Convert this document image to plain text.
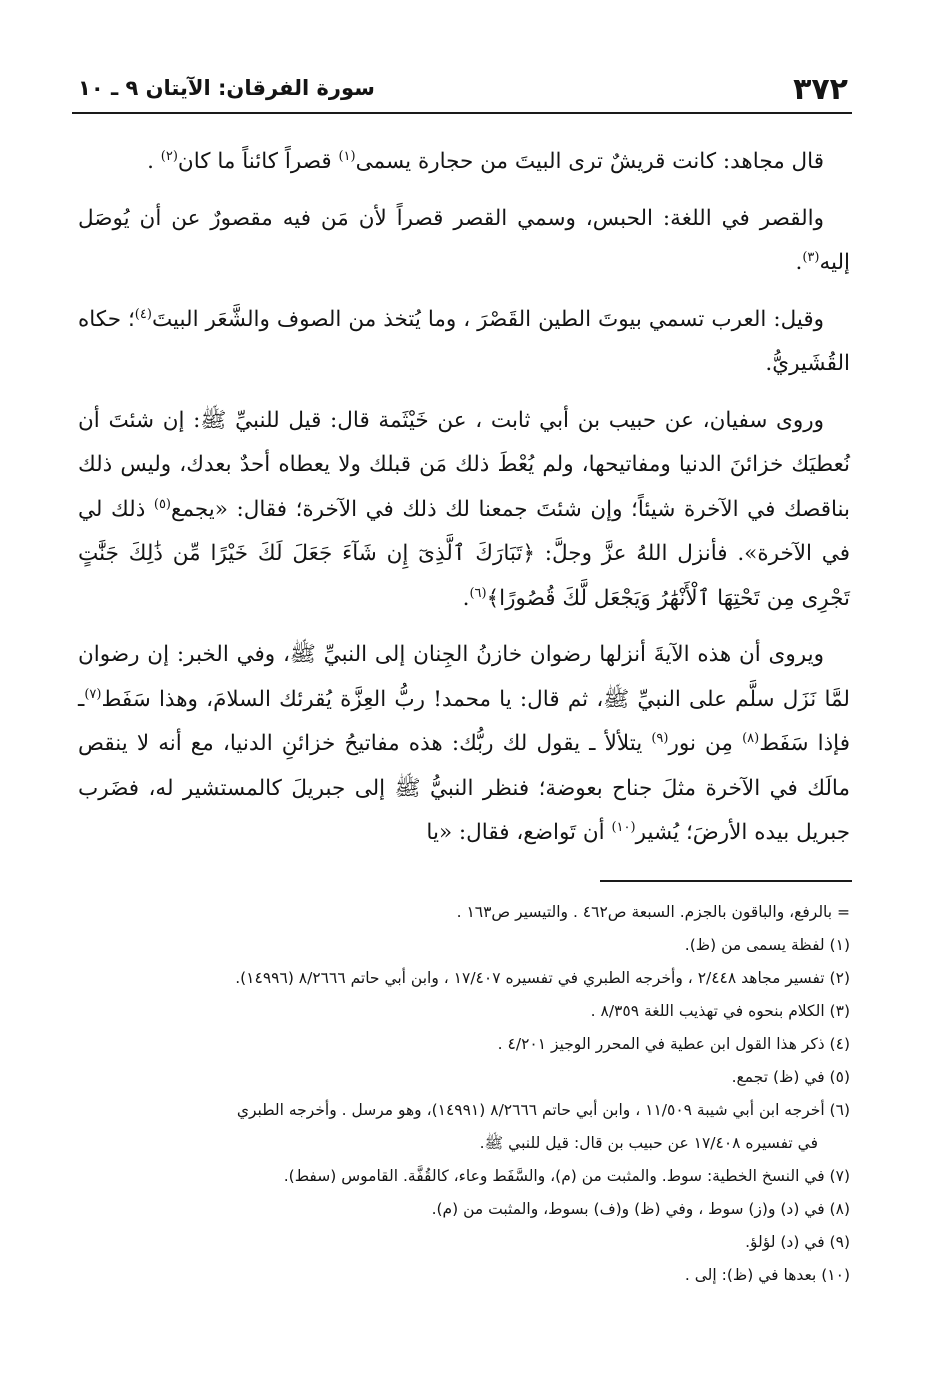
٣٧٢
سورة الفرقان: الآيتان ٩ ـ ١٠

قال مجاهد: كانت قريشٌ ترى البيتَ من حجارة يسمى$^{(١)}$ قصراً كائناً ما كان$^{(٢)}$ .

والقصر في اللغة: الحبس، وسمي القصر قصراً لأن مَن فيه مقصورٌ عن أن يُوصَل إليه$^{(٣)}$.

وقيل: العرب تسمي بيوتَ الطين القَصْرَ ، وما يُتخذ من الصوف والشَّعَر البيتَ$^{(٤)}$؛ حكاه القُشَيريُّ.

وروى سفيان، عن حبيب بن أبي ثابت ، عن خَيْثَمة قال: قيل للنبيِّ ﷺ: إن شئتَ أن نُعطيَك خزائنَ الدنيا ومفاتيحها، ولم يُعْطَ ذلك مَن قبلك ولا يعطاه أحدٌ بعدك، وليس ذلك بناقصك في الآخرة شيئاً؛ وإن شئتَ جمعنا لك ذلك في الآخرة؛ فقال: «يجمع$^{(٥)}$ ذلك لي في الآخرة». فأنزل اللهُ عزَّ وجلَّ: ﴿تَبَارَكَ ٱلَّذِىٓ إِن شَآءَ جَعَلَ لَكَ خَيْرًا مِّن ذَٰلِكَ جَنَّٰتٍ تَجْرِى مِن تَحْتِهَا ٱلْأَنْهَٰرُ وَيَجْعَل لَّكَ قُصُورًا﴾$^{(٦)}$.

ويروى أن هذه الآيةَ أنزلها رضوان خازنُ الجِنان إلى النبيِّ ﷺ، وفي الخبر: إن رضوان لمَّا نَزَل سلَّم على النبيِّ ﷺ، ثم قال: يا محمد! ربُّ العِزَّة يُقرئك السلامَ، وهذا سَفَط$^{(٧)}$ـ فإذا سَفَط$^{(٨)}$ مِن نور$^{(٩)}$ يتلألأ ـ يقول لك ربُّك: هذه مفاتيحُ خزائنِ الدنيا، مع أنه لا ينقص مالَك في الآخرة مثلَ جناح بعوضة؛ فنظر النبيُّ ﷺ إلى جبريلَ كالمستشير له، فضَرب جبريل بيده الأرضَ؛ يُشير$^{(١٠)}$ أن تَواضع، فقال: «يا

= بالرفع، والباقون بالجزم. السبعة ص٤٦٢ . والتيسير ص١٦٣ .

(١) لفظة يسمى من (ظ).

(٢) تفسير مجاهد ٢/٤٤٨ ، وأخرجه الطبري في تفسيره ١٧/٤٠٧ ، وابن أبي حاتم ٨/٢٦٦٦ (١٤٩٩٦).

(٣) الكلام بنحوه في تهذيب اللغة ٨/٣٥٩ .

(٤) ذكر هذا القول ابن عطية في المحرر الوجيز ٤/٢٠١ .

(٥) في (ظ) تجمع.

(٦) أخرجه ابن أبي شيبة ١١/٥٠٩ ، وابن أبي حاتم ٨/٢٦٦٦ (١٤٩٩١)، وهو مرسل . وأخرجه الطبري

في تفسيره ١٧/٤٠٨ عن حبيب بن قال: قيل للنبي ﷺ.

(٧) في النسخ الخطية: سوط. والمثبت من (م)، والسَّفَط وعاء، كالقُفَّة. القاموس (سفط).

(٨) في (د) و(ز) سوط ، وفي (ظ) و(ف) بسوط، والمثبت من (م).

(٩) في (د) لؤلؤ.

(١٠) بعدها في (ظ): إلى .
